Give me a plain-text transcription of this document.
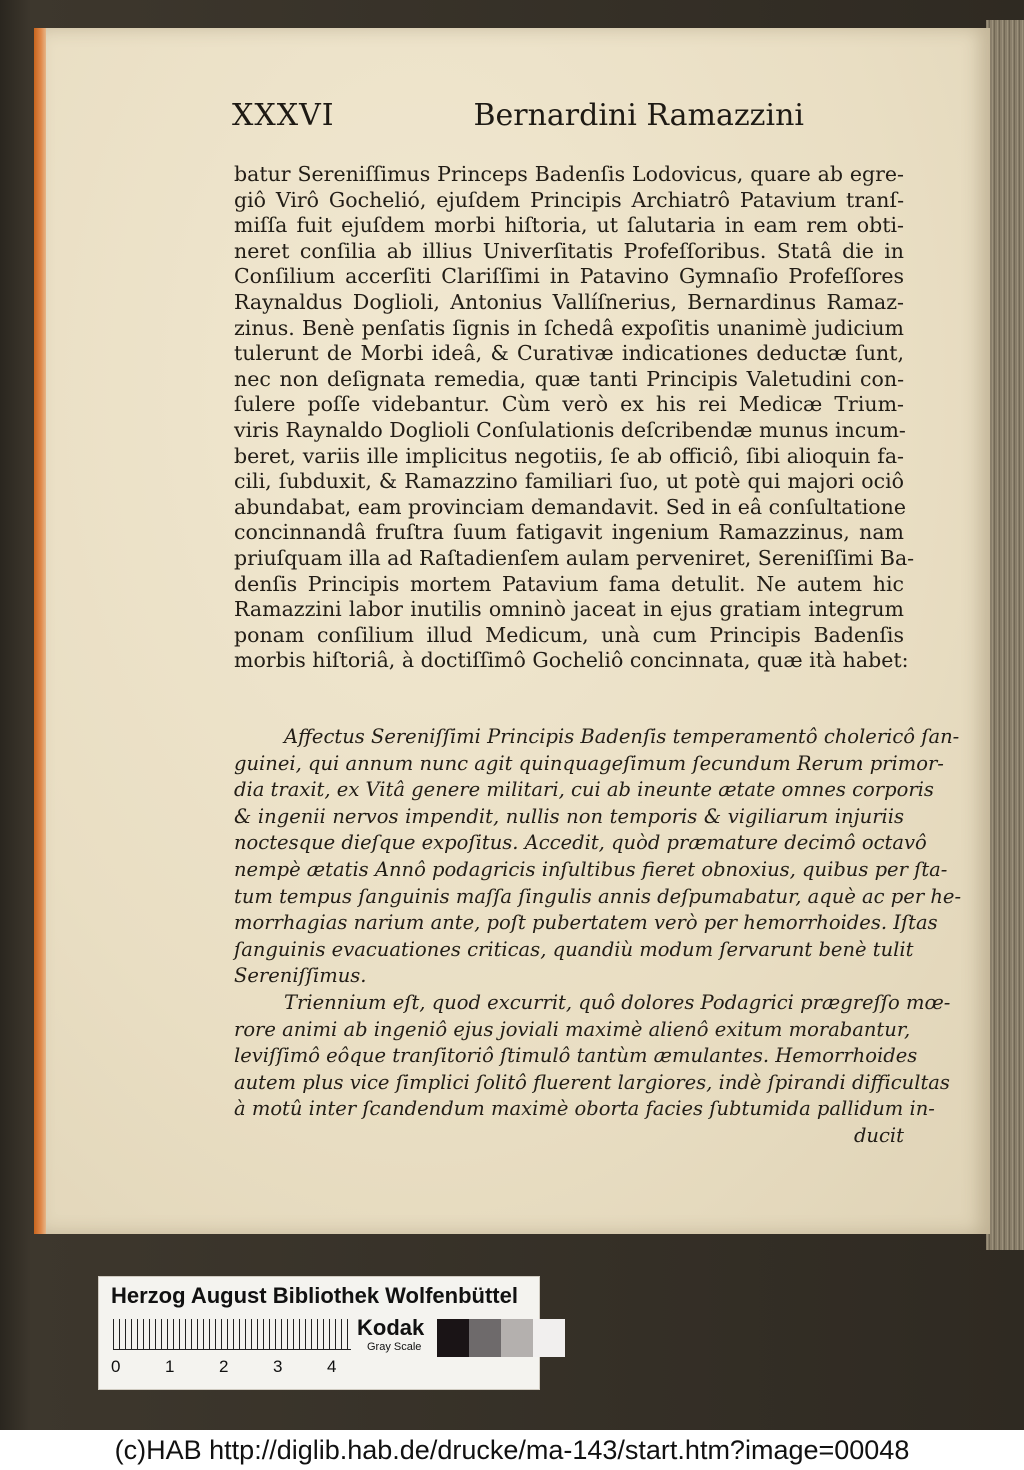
XXXVI	Bernardini Ramazzini
batur Sereniſſimus Princeps Badenſis Lodovicus, quare ab egre-
giô Virô Gochelió, ejuſdem Principis Archiatrô Patavium tranſ-
miſſa fuit ejuſdem morbi hiſtoria, ut ſalutaria in eam rem obti-
neret conſilia ab illius Univerſitatis Profeſſoribus. Statâ die in
Conſilium accerſiti Clariſſimi in Patavino Gymnaſio Profeſſores
Raynaldus Doglioli, Antonius Vallíſnerius, Bernardinus Ramaz-
zinus. Benè penſatis ſignis in ſchedâ expoſitis unanimè judicium
tulerunt de Morbi ideâ, & Curativæ indicationes deductæ ſunt,
nec non deſignata remedia, quæ tanti Principis Valetudini con-
ſulere poſſe videbantur. Cùm verò ex his rei Medicæ Trium-
viris Raynaldo Doglioli Conſulationis deſcribendæ munus incum-
beret, variis ille implicitus negotiis, ſe ab officiô, ſibi alioquin fa-
cili, ſubduxit, & Ramazzino familiari ſuo, ut potè qui majori ociô
abundabat, eam provinciam demandavit. Sed in eâ conſultatione
concinnandâ fruſtra ſuum fatigavit ingenium Ramazzinus, nam
priuſquam illa ad Raſtadienſem aulam perveniret, Sereniſſimi Ba-
denſis Principis mortem Patavium fama detulit. Ne autem hic
Ramazzini labor inutilis omninò jaceat in ejus gratiam integrum
ponam conſilium illud Medicum, unà cum Principis Badenſis
morbis hiſtoriâ, à doctiſſimô Gocheliô concinnata, quæ ità habet:
Affectus Sereniſſimi Principis Badenſis temperamentô cholericô ſan-
guinei, qui annum nunc agit quinquageſimum ſecundum Rerum primor-
dia traxit, ex Vitâ genere militari, cui ab ineunte ætate omnes corporis
& ingenii nervos impendit, nullis non temporis & vigiliarum injuriis
noctesque dieſque expoſitus. Accedit, quòd præmature decimô octavô
nempè ætatis Annô podagricis inſultibus fieret obnoxius, quibus per ſta-
tum tempus ſanguinis maſſa ſingulis annis deſpumabatur, aquè ac per he-
morrhagias narium ante, poſt pubertatem verò per hemorrhoides. Iſtas
ſanguinis evacuationes criticas, quandiù modum ſervarunt benè tulit
Sereniſſimus.
Triennium eſt, quod excurrit, quô dolores Podagrici prægreſſo mœ-
rore animi ab ingeniô ejus joviali maximè alienô exitum morabantur,
leviſſimô eôque tranſitoriô ſtimulô tantùm æmulantes. Hemorrhoides
autem plus vice ſimplici ſolitô fluerent largiores, indè ſpirandi difficultas
à motû inter ſcandendum maximè oborta facies ſubtumida pallidum in-
ducit
Herzog August Bibliothek Wolfenbüttel
0	1	2	3	4
Kodak
Gray Scale
(c)HAB http://diglib.hab.de/drucke/ma-143/start.htm?image=00048
